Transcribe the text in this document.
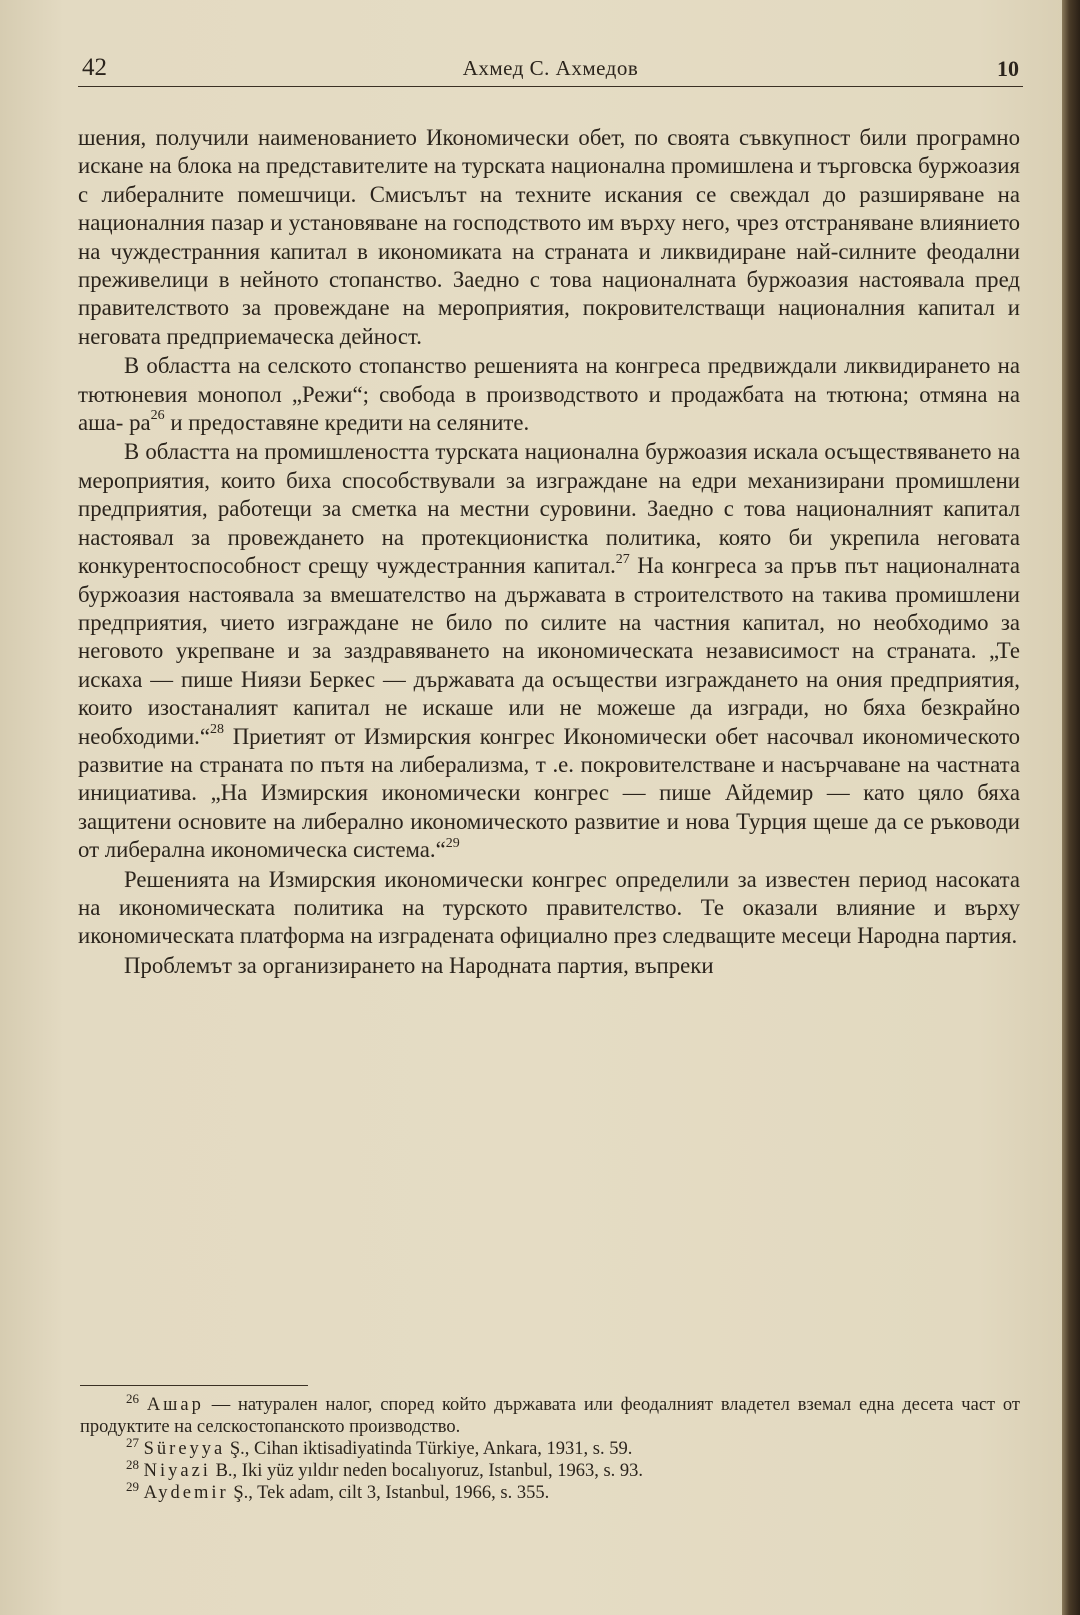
42	Ахмед С. Ахмедов	10

шения, получили наименованието Икономически обет, по своята съвкупност били програмно искане на блока на представителите на турската национална промишлена и търговска буржоазия с либералните помешчици. Смисълът на техните искания се свеждал до разширяване на националния пазар и установяване на господството им върху него, чрез отстраняване влиянието на чуждестранния капитал в икономиката на страната и ликвидиране най-силните феодални преживелици в нейното стопанство. Заедно с това националната буржоазия настоявала пред правителството за провеждане на мероприятия, покровителстващи националния капитал и неговата предприемаческа дейност.

В областта на селското стопанство решенията на конгреса предвиждали ликвидирането на тютюневия монопол „Режи“; свобода в производството и продажбата на тютюна; отмяна на аша- $ра^{26}$ и предоставяне кредити на селяните.

В областта на промишлеността турската национална буржоазия искала осъществяването на мероприятия, които биха способствували за изграждане на едри механизирани промишлени предприятия, работещи за сметка на местни суровини. Заедно с това националният капитал настоявал за провеждането на протекционистка политика, която би укрепила неговата конкурентоспособност срещу чуждестранния капитал.$^{27}$ На конгреса за пръв път националната буржоазия настоявала за вмешателство на държавата в строителството на такива промишлени предприятия, чието изграждане не било по силите на частния капитал, но необходимо за неговото укрепване и за заздравяването на икономическата независимост на страната. „Те искаха — пише Ниязи Беркес — държавата да осъществи изграждането на ония предприятия, които изостаналият капитал не искаше или не можеше да изгради, но бяха безкрайно необходими.“$^{28}$ Приетият от Измирския конгрес Икономически обет насочвал икономическото развитие на страната по пътя на либерализма, т .е. покровителстване и насърчаване на частната инициатива. „На Измирския икономически конгрес — пише Айдемир — като цяло бяха защитени основите на либерално икономическото развитие и нова Турция щеше да се ръководи от либерална икономическа система.“$^{29}$

Решенията на Измирския икономически конгрес определили за известен период насоката на икономическата политика на турското правителство. Те оказали влияние и върху икономическата платформа на изградената официално през следващите месеци Народна партия.

Проблемът за организирането на Народната партия, въпреки

$^{26}$ Ашар — натурален налог, според който държавата или феодалният владетел вземал една десета част от продуктите на селскостопанското производство.

$^{27}$ Süreyya Ş., Cihan iktisadiyatinda Türkiye, Ankara, 1931, s. 59.

$^{28}$ Niyazi B., Iki yüz yıldır neden bocalıyoruz, Istanbul, 1963, s. 93.

$^{29}$ Aydemir Ş., Tek adam, cilt 3, Istanbul, 1966, s. 355.
